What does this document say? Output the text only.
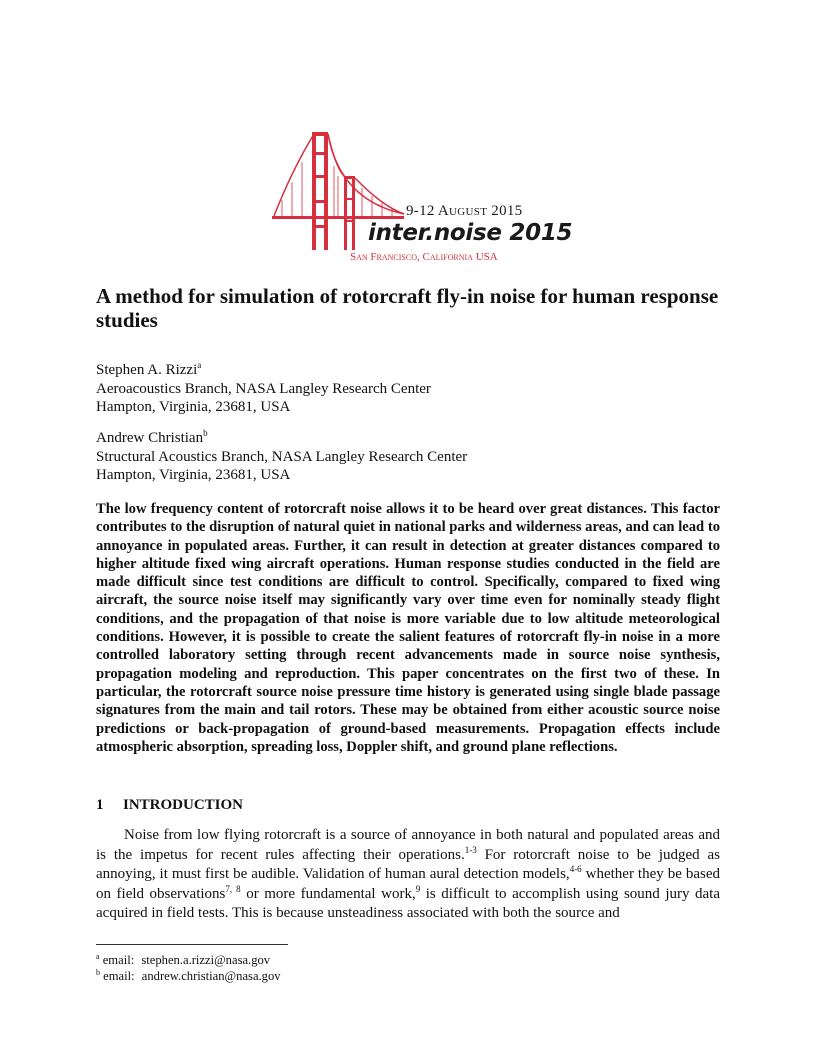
9-12 August 2015
inter.noise 2015
San Francisco, California USA
A method for simulation of rotorcraft fly-in noise for human response studies
Stephen A. Rizzi$^a$
Aeroacoustics Branch, NASA Langley Research Center
Hampton, Virginia, 23681, USA
Andrew Christian$^b$
Structural Acoustics Branch, NASA Langley Research Center
Hampton, Virginia, 23681, USA

The low frequency content of rotorcraft noise allows it to be heard over great distances. This factor contributes to the disruption of natural quiet in national parks and wilderness areas, and can lead to annoyance in populated areas. Further, it can result in detection at greater distances compared to higher altitude fixed wing aircraft operations. Human response studies conducted in the field are made difficult since test conditions are difficult to control. Specifically, compared to fixed wing aircraft, the source noise itself may significantly vary over time even for nominally steady flight conditions, and the propagation of that noise is more variable due to low altitude meteorological conditions. However, it is possible to create the salient features of rotorcraft fly-in noise in a more controlled laboratory setting through recent advancements made in source noise synthesis, propagation modeling and reproduction. This paper concentrates on the first two of these. In particular, the rotorcraft source noise pressure time history is generated using single blade passage signatures from the main and tail rotors. These may be obtained from either acoustic source noise predictions or back-propagation of ground-based measurements. Propagation effects include atmospheric absorption, spreading loss, Doppler shift, and ground plane reflections.

1 INTRODUCTION

Noise from low flying rotorcraft is a source of annoyance in both natural and populated areas and is the impetus for recent rules affecting their operations.$^{1-3}$ For rotorcraft noise to be judged as annoying, it must first be audible. Validation of human aural detection models,$^{4-6}$ whether they be based on field observations$^{7, 8}$ or more fundamental work,$^9$ is difficult to accomplish using sound jury data acquired in field tests. This is because unsteadiness associated with both the source and

$^a$ email: stephen.a.rizzi@nasa.gov
$^b$ email: andrew.christian@nasa.gov
